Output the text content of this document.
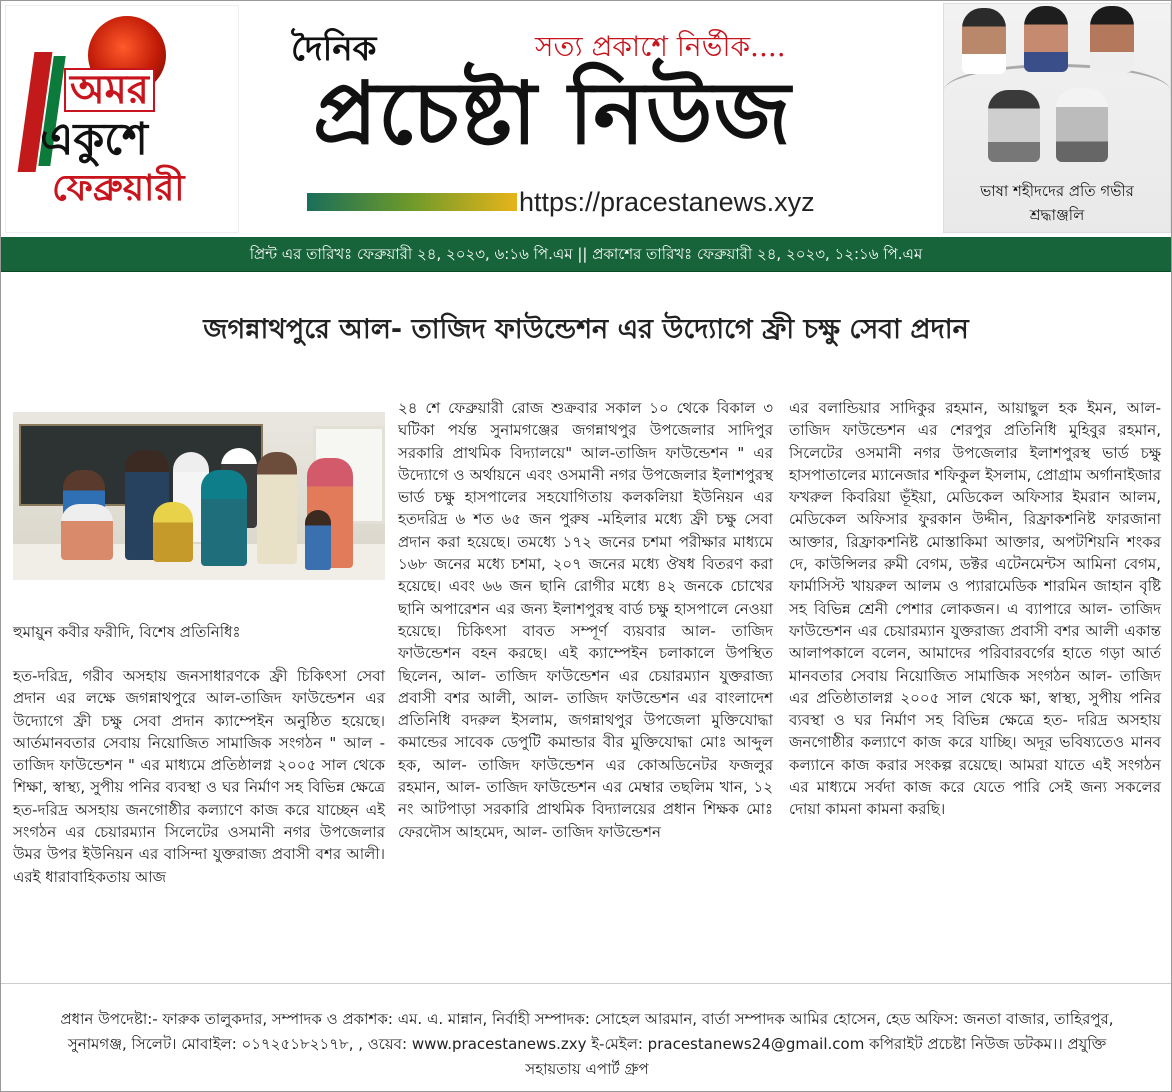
অমর
একুশে
ফেব্রুয়ারী
দৈনিক	সত্য প্রকাশে নির্ভীক....
প্রচেষ্টা নিউজ
https://pracestanews.xyz	ভাষা শহীদদের প্রতি গভীর
শ্রদ্ধাঞ্জলি
প্রিন্ট এর তারিখঃ ফেব্রুয়ারী ২৪, ২০২৩, ৬:১৬ পি.এম || প্রকাশের তারিখঃ ফেব্রুয়ারী ২৪, ২০২৩, ১২:১৬ পি.এম
জগন্নাথপুরে আল- তাজিদ ফাউন্ডেশন এর উদ্যোগে ফ্রী চক্ষু সেবা প্রদান
হুমায়ুন কবীর ফরীদি, বিশেষ প্রতিনিধিঃ
হত-দরিদ্র, গরীব অসহায় জনসাধারণকে ফ্রী চিকিৎসা সেবা প্রদান এর লক্ষে জগন্নাথপুরে আল-তাজিদ ফাউন্ডেশন এর উদ্যোগে ফ্রী চক্ষু সেবা প্রদান ক্যাম্পেইন অনুষ্ঠিত হয়েছে। আর্তমানবতার সেবায় নিয়োজিত সামাজিক সংগঠন " আল - তাজিদ ফাউন্ডেশন " এর মাধ্যমে প্রতিষ্ঠালগ্ন ২০০৫ সাল থেকে শিক্ষা, স্বাস্থ্য, সুপীয় পনির ব্যবস্থা ও ঘর নির্মাণ সহ বিভিন্ন ক্ষেত্রে হত-দরিদ্র অসহায় জনগোষ্ঠীর কল্যাণে কাজ করে যাচ্ছেন এই সংগঠন এর চেয়ারম্যান সিলেটের ওসমানী নগর উপজেলার উমর উপর ইউনিয়ন এর বাসিন্দা যুক্তরাজ্য প্রবাসী বশর আলী। এরই ধারাবাহিকতায় আজ
২৪ শে ফেব্রুয়ারী রোজ শুক্রবার সকাল ১০ থেকে বিকাল ৩ ঘটিকা পর্যন্ত সুনামগঞ্জের জগন্নাথপুর উপজেলার সাদিপুর সরকারি প্রাথমিক বিদ্যালয়ে" আল-তাজিদ ফাউন্ডেশন " এর উদ্যোগে ও অর্থায়নে এবং ওসমানী নগর উপজেলার ইলাশপুরস্থ ভার্ড চক্ষু হাসপালের সহযোগিতায় কলকলিয়া ইউনিয়ন এর হতদরিদ্র ৬ শত ৬৫ জন পুরুষ -মহিলার মধ্যে ফ্রী চক্ষু সেবা প্রদান করা হয়েছে। তমধ্যে ১৭২ জনের চশমা পরীক্ষার মাধ্যমে ১৬৮ জনের মধ্যে চশমা, ২০৭ জনের মধ্যে ঔষধ বিতরণ করা হয়েছে। এবং ৬৬ জন ছানি রোগীর মধ্যে ৪২ জনকে চোখের ছানি অপারেশন এর জন্য ইলাশপুরস্থ বার্ড চক্ষু হাসপালে নেওয়া হয়েছে। চিকিৎসা বাবত সম্পূর্ণ ব্যয়বার আল- তাজিদ ফাউন্ডেশন বহন করছে। এই ক্যাম্পেইন চলাকালে উপস্থিত ছিলেন, আল- তাজিদ ফাউন্ডেশন এর চেয়ারম্যান যুক্তরাজ্য প্রবাসী বশর আলী, আল- তাজিদ ফাউন্ডেশন এর বাংলাদেশ প্রতিনিধি বদরুল ইসলাম, জগন্নাথপুর উপজেলা মুক্তিযোদ্ধা কমান্ডের সাবেক ডেপুটি কমান্ডার বীর মুক্তিযোদ্ধা মোঃ আব্দুল হক, আল- তাজিদ ফাউন্ডেশন এর কোঅডিনেটর ফজলুর রহমান, আল- তাজিদ ফাউন্ডেশন এর মেম্বার তছলিম খান, ১২ নং আটপাড়া সরকারি প্রাথমিক বিদ্যালয়ের প্রধান শিক্ষক মোঃ ফেরদৌস আহমেদ, আল- তাজিদ ফাউন্ডেশন
এর বলান্ডিয়ার সাদিকুর রহমান, আয়াছুল হক ইমন, আল- তাজিদ ফাউন্ডেশন এর শেরপুর প্রতিনিধি মুহিবুর রহমান, সিলেটের ওসমানী নগর উপজেলার ইলাশপুরস্থ ভার্ড চক্ষু হাসপাতালের ম্যানেজার শফিকুল ইসলাম, প্রোগ্রাম অর্গানাইজার ফখরুল কিবরিয়া ভূঁইয়া, মেডিকেল অফিসার ইমরান আলম, মেডিকেল অফিসার ফুরকান উদ্দীন, রিফ্রাকশনিষ্ট ফারজানা আক্তার, রিফ্রাকশনিষ্ট মোস্তাকিমা আক্তার, অপটশিয়নি শংকর দে, কাউন্সিলর রুমী বেগম, ডক্টর এটেনমেন্টস আমিনা বেগম, ফার্মাসিস্ট খায়রুল আলম ও প্যারামেডিক শারমিন জাহান বৃষ্টি সহ বিভিন্ন শ্রেনী পেশার লোকজন। এ ব্যাপারে আল- তাজিদ ফাউন্ডেশন এর চেয়ারম্যান যুক্তরাজ্য প্রবাসী বশর আলী একান্ত আলাপকালে বলেন, আমাদের পরিবারবর্গের হাতে গড়া আর্ত মানবতার সেবায় নিয়োজিত সামাজিক সংগঠন আল- তাজিদ এর প্রতিষ্ঠাতালগ্ন ২০০৫ সাল থেকে ক্ষা, স্বাস্থ্য, সুপীয় পনির ব্যবস্থা ও ঘর নির্মাণ সহ বিভিন্ন ক্ষেত্রে হত- দরিদ্র অসহায় জনগোষ্ঠীর কল্যাণে কাজ করে যাচ্ছি। অদূর ভবিষ্যতেও মানব কল্যানে কাজ করার সংকল্প রয়েছে। আমরা যাতে এই সংগঠন এর মাধ্যমে সর্বদা কাজ করে যেতে পারি সেই জন্য সকলের দোয়া কামনা কামনা করছি।
প্রধান উপদেষ্টা:- ফারুক তালুকদার, সম্পাদক ও প্রকাশক: এম. এ. মান্নান, নির্বাহী সম্পাদক: সোহেল আরমান, বার্তা সম্পাদক আমির হোসেন, হেড অফিস: জনতা বাজার, তাহিরপুর,
সুনামগঞ্জ, সিলেট। মোবাইল: ০১৭২৫১৮২১৭৮, , ওয়েব: www.pracestanews.zxy ই-মেইল: pracestanews24@gmail.com কপিরাইট প্রচেষ্টা নিউজ ডটকম।। প্রযুক্তি
সহায়তায় এপার্ট গ্রুপ
